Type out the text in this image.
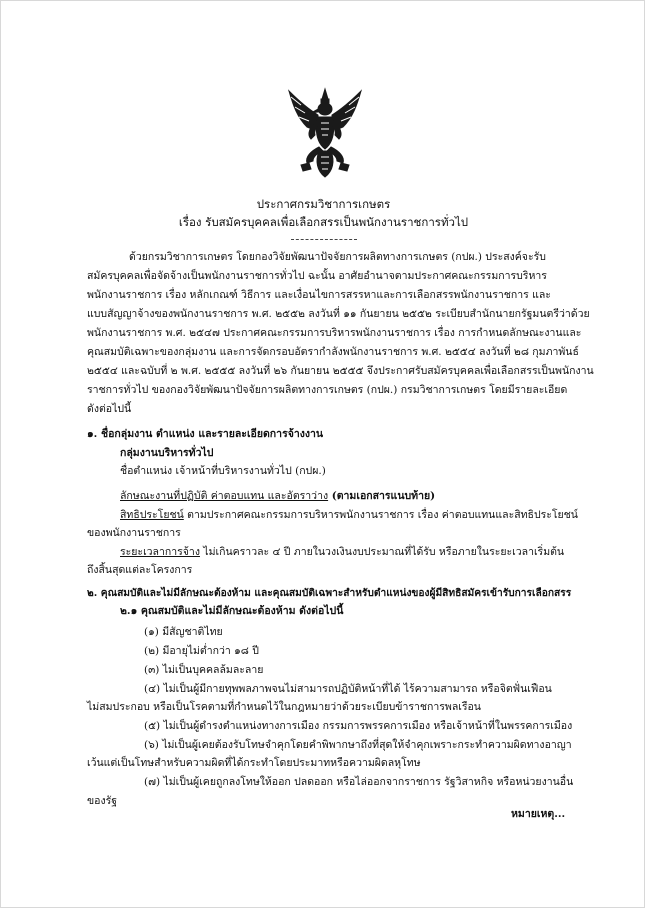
ประกาศกรมวิชาการเกษตร
เรื่อง รับสมัครบุคคลเพื่อเลือกสรรเป็นพนักงานราชการทั่วไป
ด้วยกรมวิชาการเกษตร โดยกองวิจัยพัฒนาปัจจัยการผลิตทางการเกษตร (กปผ.) ประสงค์จะรับ
สมัครบุคคลเพื่อจัดจ้างเป็นพนักงานราชการทั่วไป ฉะนั้น อาศัยอำนาจตามประกาศคณะกรรมการบริหาร
พนักงานราชการ เรื่อง หลักเกณฑ์ วิธีการ และเงื่อนไขการสรรหาและการเลือกสรรพนักงานราชการ และ
แบบสัญญาจ้างของพนักงานราชการ พ.ศ. ๒๕๕๒ ลงวันที่ ๑๑ กันยายน ๒๕๕๒ ระเบียบสำนักนายกรัฐมนตรีว่าด้วย
พนักงานราชการ พ.ศ. ๒๕๔๗ ประกาศคณะกรรมการบริหารพนักงานราชการ เรื่อง การกำหนดลักษณะงานและ
คุณสมบัติเฉพาะของกลุ่มงาน และการจัดกรอบอัตรากำลังพนักงานราชการ พ.ศ. ๒๕๕๔ ลงวันที่ ๒๘ กุมภาพันธ์
๒๕๕๔ และฉบับที่ ๒ พ.ศ. ๒๕๕๕ ลงวันที่ ๒๖ กันยายน ๒๕๕๕ จึงประกาศรับสมัครบุคคลเพื่อเลือกสรรเป็นพนักงาน
ราชการทั่วไป ของกองวิจัยพัฒนาปัจจัยการผลิตทางการเกษตร (กปผ.) กรมวิชาการเกษตร โดยมีรายละเอียด
ดังต่อไปนี้
๑. ชื่อกลุ่มงาน ตำแหน่ง และรายละเอียดการจ้างงาน
กลุ่มงานบริหารทั่วไป
ชื่อตำแหน่ง เจ้าหน้าที่บริหารงานทั่วไป (กปผ.)
ลักษณะงานที่ปฏิบัติ ค่าตอบแทน และอัตราว่าง (ตามเอกสารแนบท้าย)
สิทธิประโยชน์ ตามประกาศคณะกรรมการบริหารพนักงานราชการ เรื่อง ค่าตอบแทนและสิทธิประโยชน์
ของพนักงานราชการ
ระยะเวลาการจ้าง ไม่เกินคราวละ ๔ ปี ภายในวงเงินงบประมาณที่ได้รับ หรือภายในระยะเวลาเริ่มต้น
ถึงสิ้นสุดแต่ละโครงการ
๒. คุณสมบัติและไม่มีลักษณะต้องห้าม และคุณสมบัติเฉพาะสำหรับตำแหน่งของผู้มีสิทธิสมัครเข้ารับการเลือกสรร
๒.๑ คุณสมบัติและไม่มีลักษณะต้องห้าม ดังต่อไปนี้
(๑) มีสัญชาติไทย
(๒) มีอายุไม่ต่ำกว่า ๑๘ ปี
(๓) ไม่เป็นบุคคลล้มละลาย
(๔) ไม่เป็นผู้มีกายทุพพลภาพจนไม่สามารถปฏิบัติหน้าที่ได้ ไร้ความสามารถ หรือจิตฟั่นเฟือน
ไม่สมประกอบ หรือเป็นโรคตามที่กำหนดไว้ในกฎหมายว่าด้วยระเบียบข้าราชการพลเรือน
(๕) ไม่เป็นผู้ดำรงตำแหน่งทางการเมือง กรรมการพรรคการเมือง หรือเจ้าหน้าที่ในพรรคการเมือง
(๖) ไม่เป็นผู้เคยต้องรับโทษจำคุกโดยคำพิพากษาถึงที่สุดให้จำคุกเพราะกระทำความผิดทางอาญา
เว้นแต่เป็นโทษสำหรับความผิดที่ได้กระทำโดยประมาทหรือความผิดลหุโทษ
(๗) ไม่เป็นผู้เคยถูกลงโทษให้ออก ปลดออก หรือไล่ออกจากราชการ รัฐวิสาหกิจ หรือหน่วยงานอื่น
ของรัฐ
หมายเหตุ...
